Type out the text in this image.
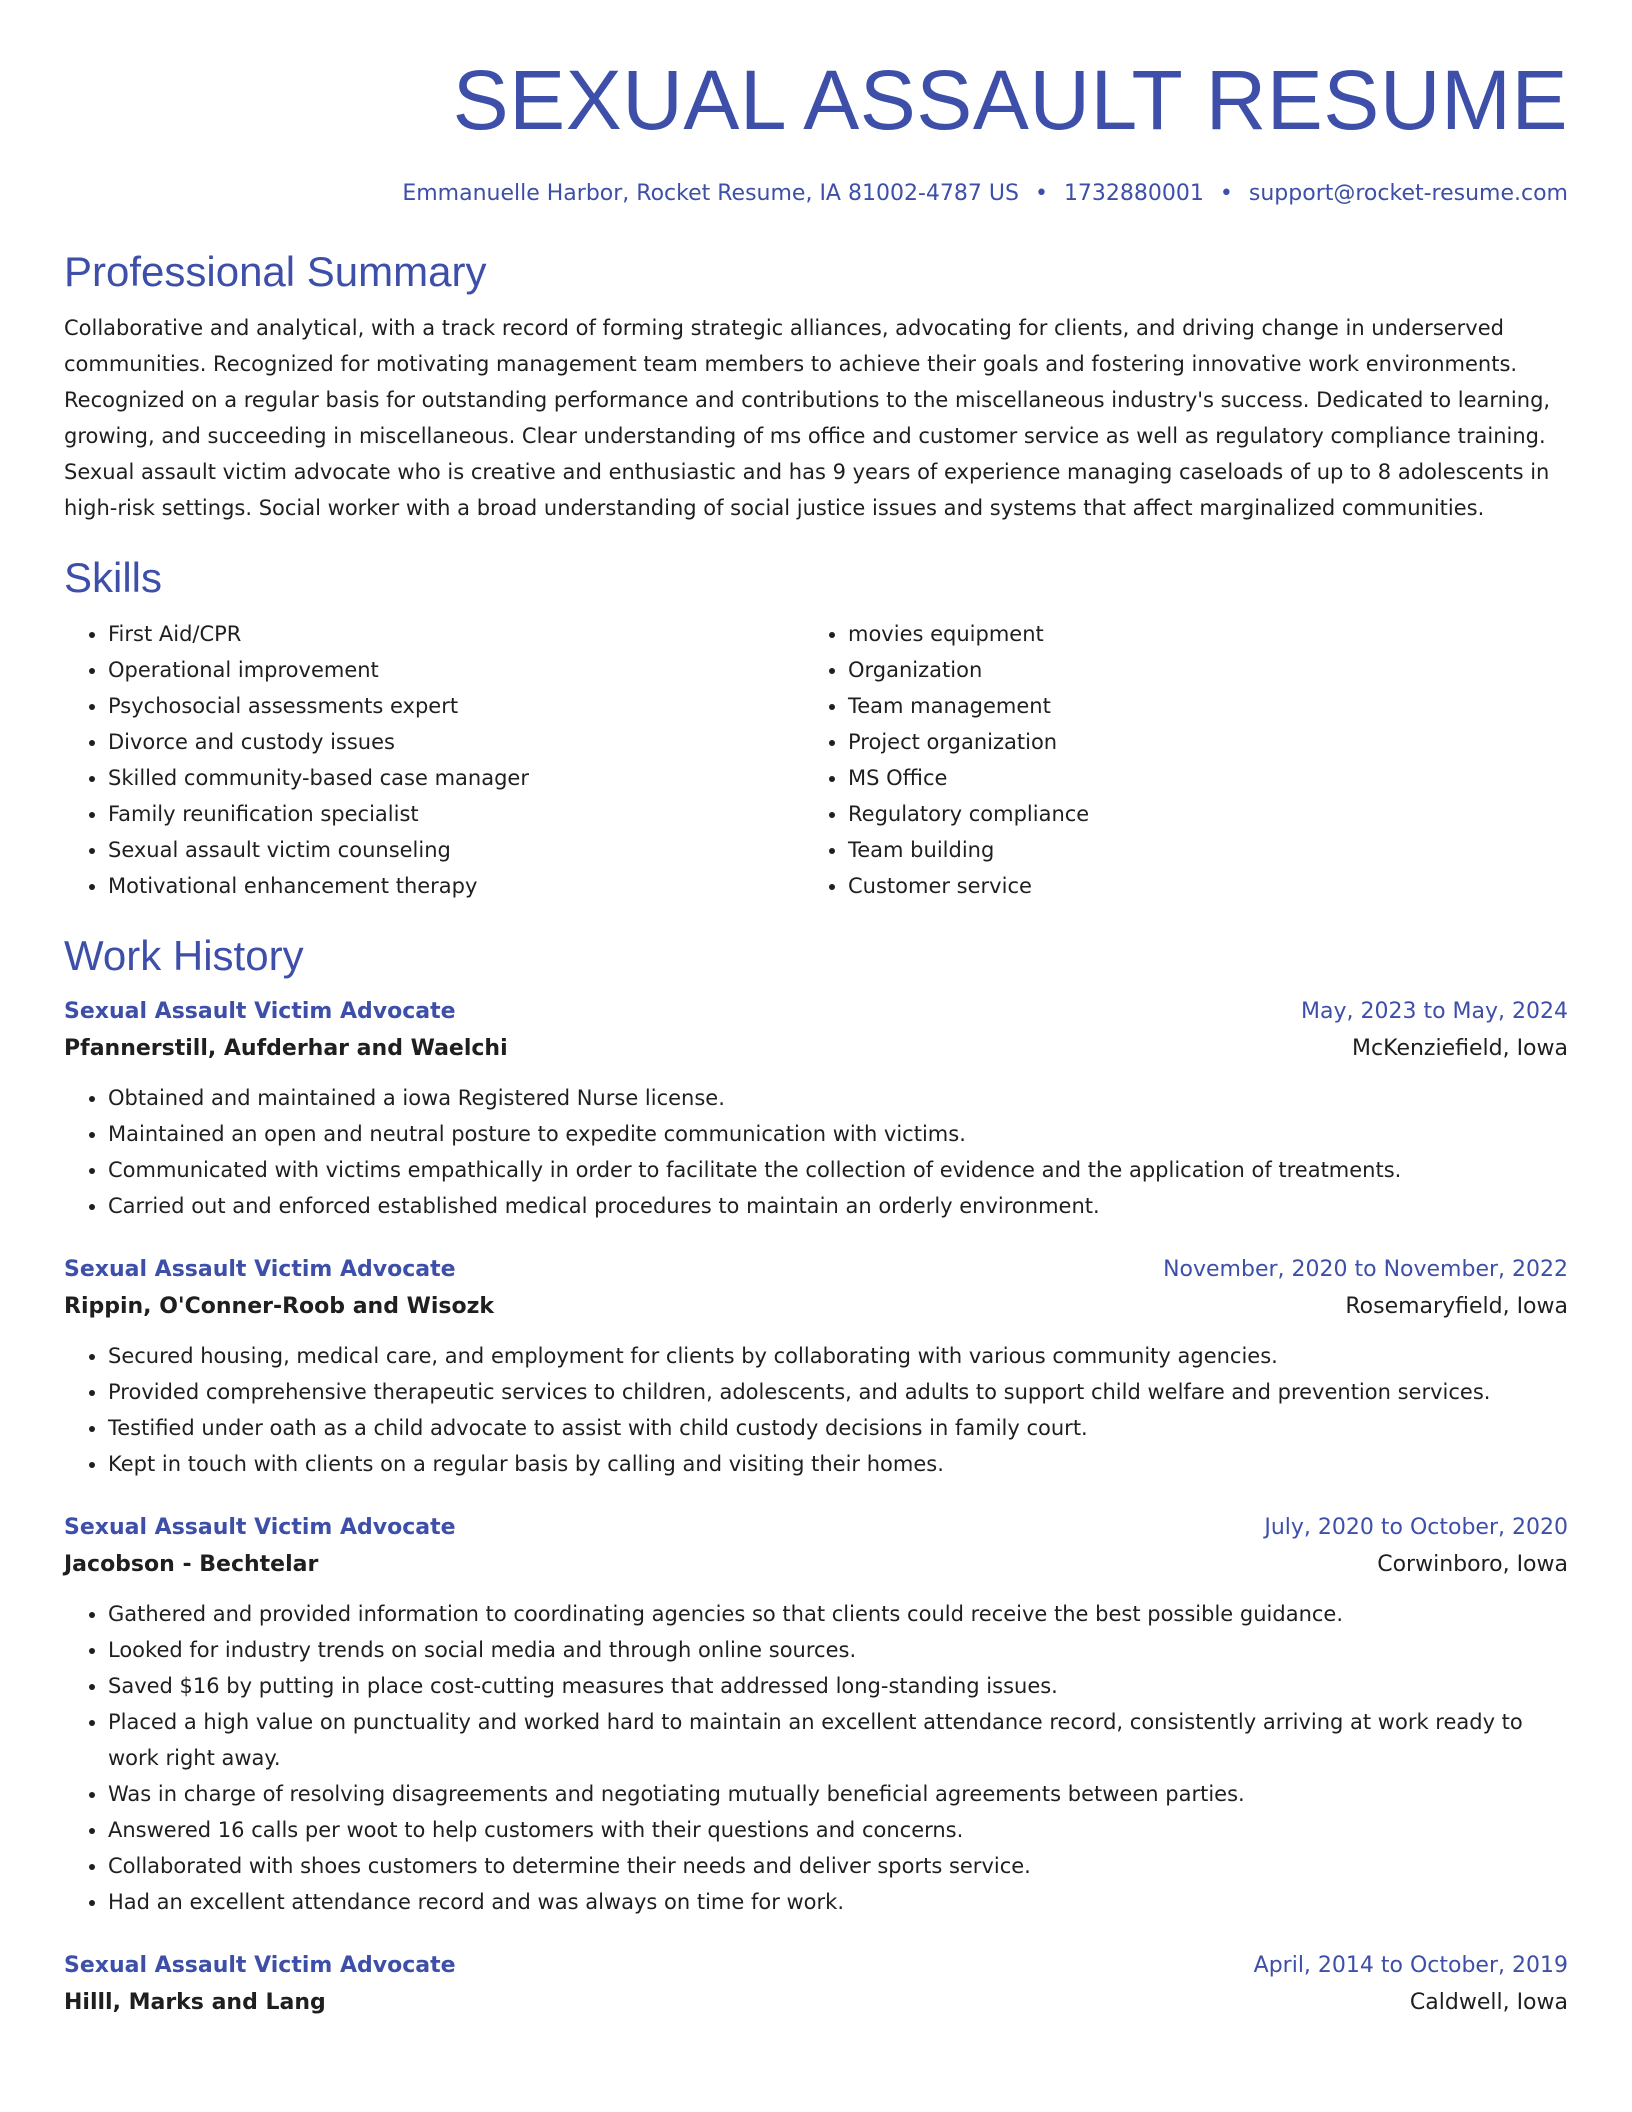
SEXUAL ASSAULT RESUME
Emmanuelle Harbor, Rocket Resume, IA 81002-4787 US • 1732880001 • support@rocket-resume.com
Professional Summary

Collaborative and analytical, with a track record of forming strategic alliances, advocating for clients, and driving change in underserved communities. Recognized for motivating management team members to achieve their goals and fostering innovative work environments. Recognized on a regular basis for outstanding performance and contributions to the miscellaneous industry's success. Dedicated to learning, growing, and succeeding in miscellaneous. Clear understanding of ms office and customer service as well as regulatory compliance training. Sexual assault victim advocate who is creative and enthusiastic and has 9 years of experience managing caseloads of up to 8 adolescents in high-risk settings. Social worker with a broad understanding of social justice issues and systems that affect marginalized communities.

Skills
• First Aid/CPR
• Operational improvement
• Psychosocial assessments expert
• Divorce and custody issues
• Skilled community-based case manager
• Family reunification specialist
• Sexual assault victim counseling
• Motivational enhancement therapy
• movies equipment
• Organization
• Team management
• Project organization
• MS Office
• Regulatory compliance
• Team building
• Customer service
Work History
Sexual Assault Victim Advocate	May, 2023 to May, 2024
Pfannerstill, Aufderhar and Waelchi	McKenziefield, Iowa
• Obtained and maintained a iowa Registered Nurse license.
• Maintained an open and neutral posture to expedite communication with victims.
• Communicated with victims empathically in order to facilitate the collection of evidence and the application of treatments.
• Carried out and enforced established medical procedures to maintain an orderly environment.
Sexual Assault Victim Advocate	November, 2020 to November, 2022
Rippin, O'Conner-Roob and Wisozk	Rosemaryfield, Iowa
• Secured housing, medical care, and employment for clients by collaborating with various community agencies.
• Provided comprehensive therapeutic services to children, adolescents, and adults to support child welfare and prevention services.
• Testified under oath as a child advocate to assist with child custody decisions in family court.
• Kept in touch with clients on a regular basis by calling and visiting their homes.
Sexual Assault Victim Advocate	July, 2020 to October, 2020
Jacobson - Bechtelar	Corwinboro, Iowa
• Gathered and provided information to coordinating agencies so that clients could receive the best possible guidance.
• Looked for industry trends on social media and through online sources.
• Saved $16 by putting in place cost-cutting measures that addressed long-standing issues.
• Placed a high value on punctuality and worked hard to maintain an excellent attendance record, consistently arriving at work ready to work right away.
• Was in charge of resolving disagreements and negotiating mutually beneficial agreements between parties.
• Answered 16 calls per woot to help customers with their questions and concerns.
• Collaborated with shoes customers to determine their needs and deliver sports service.
• Had an excellent attendance record and was always on time for work.
Sexual Assault Victim Advocate	April, 2014 to October, 2019
Hilll, Marks and Lang	Caldwell, Iowa
